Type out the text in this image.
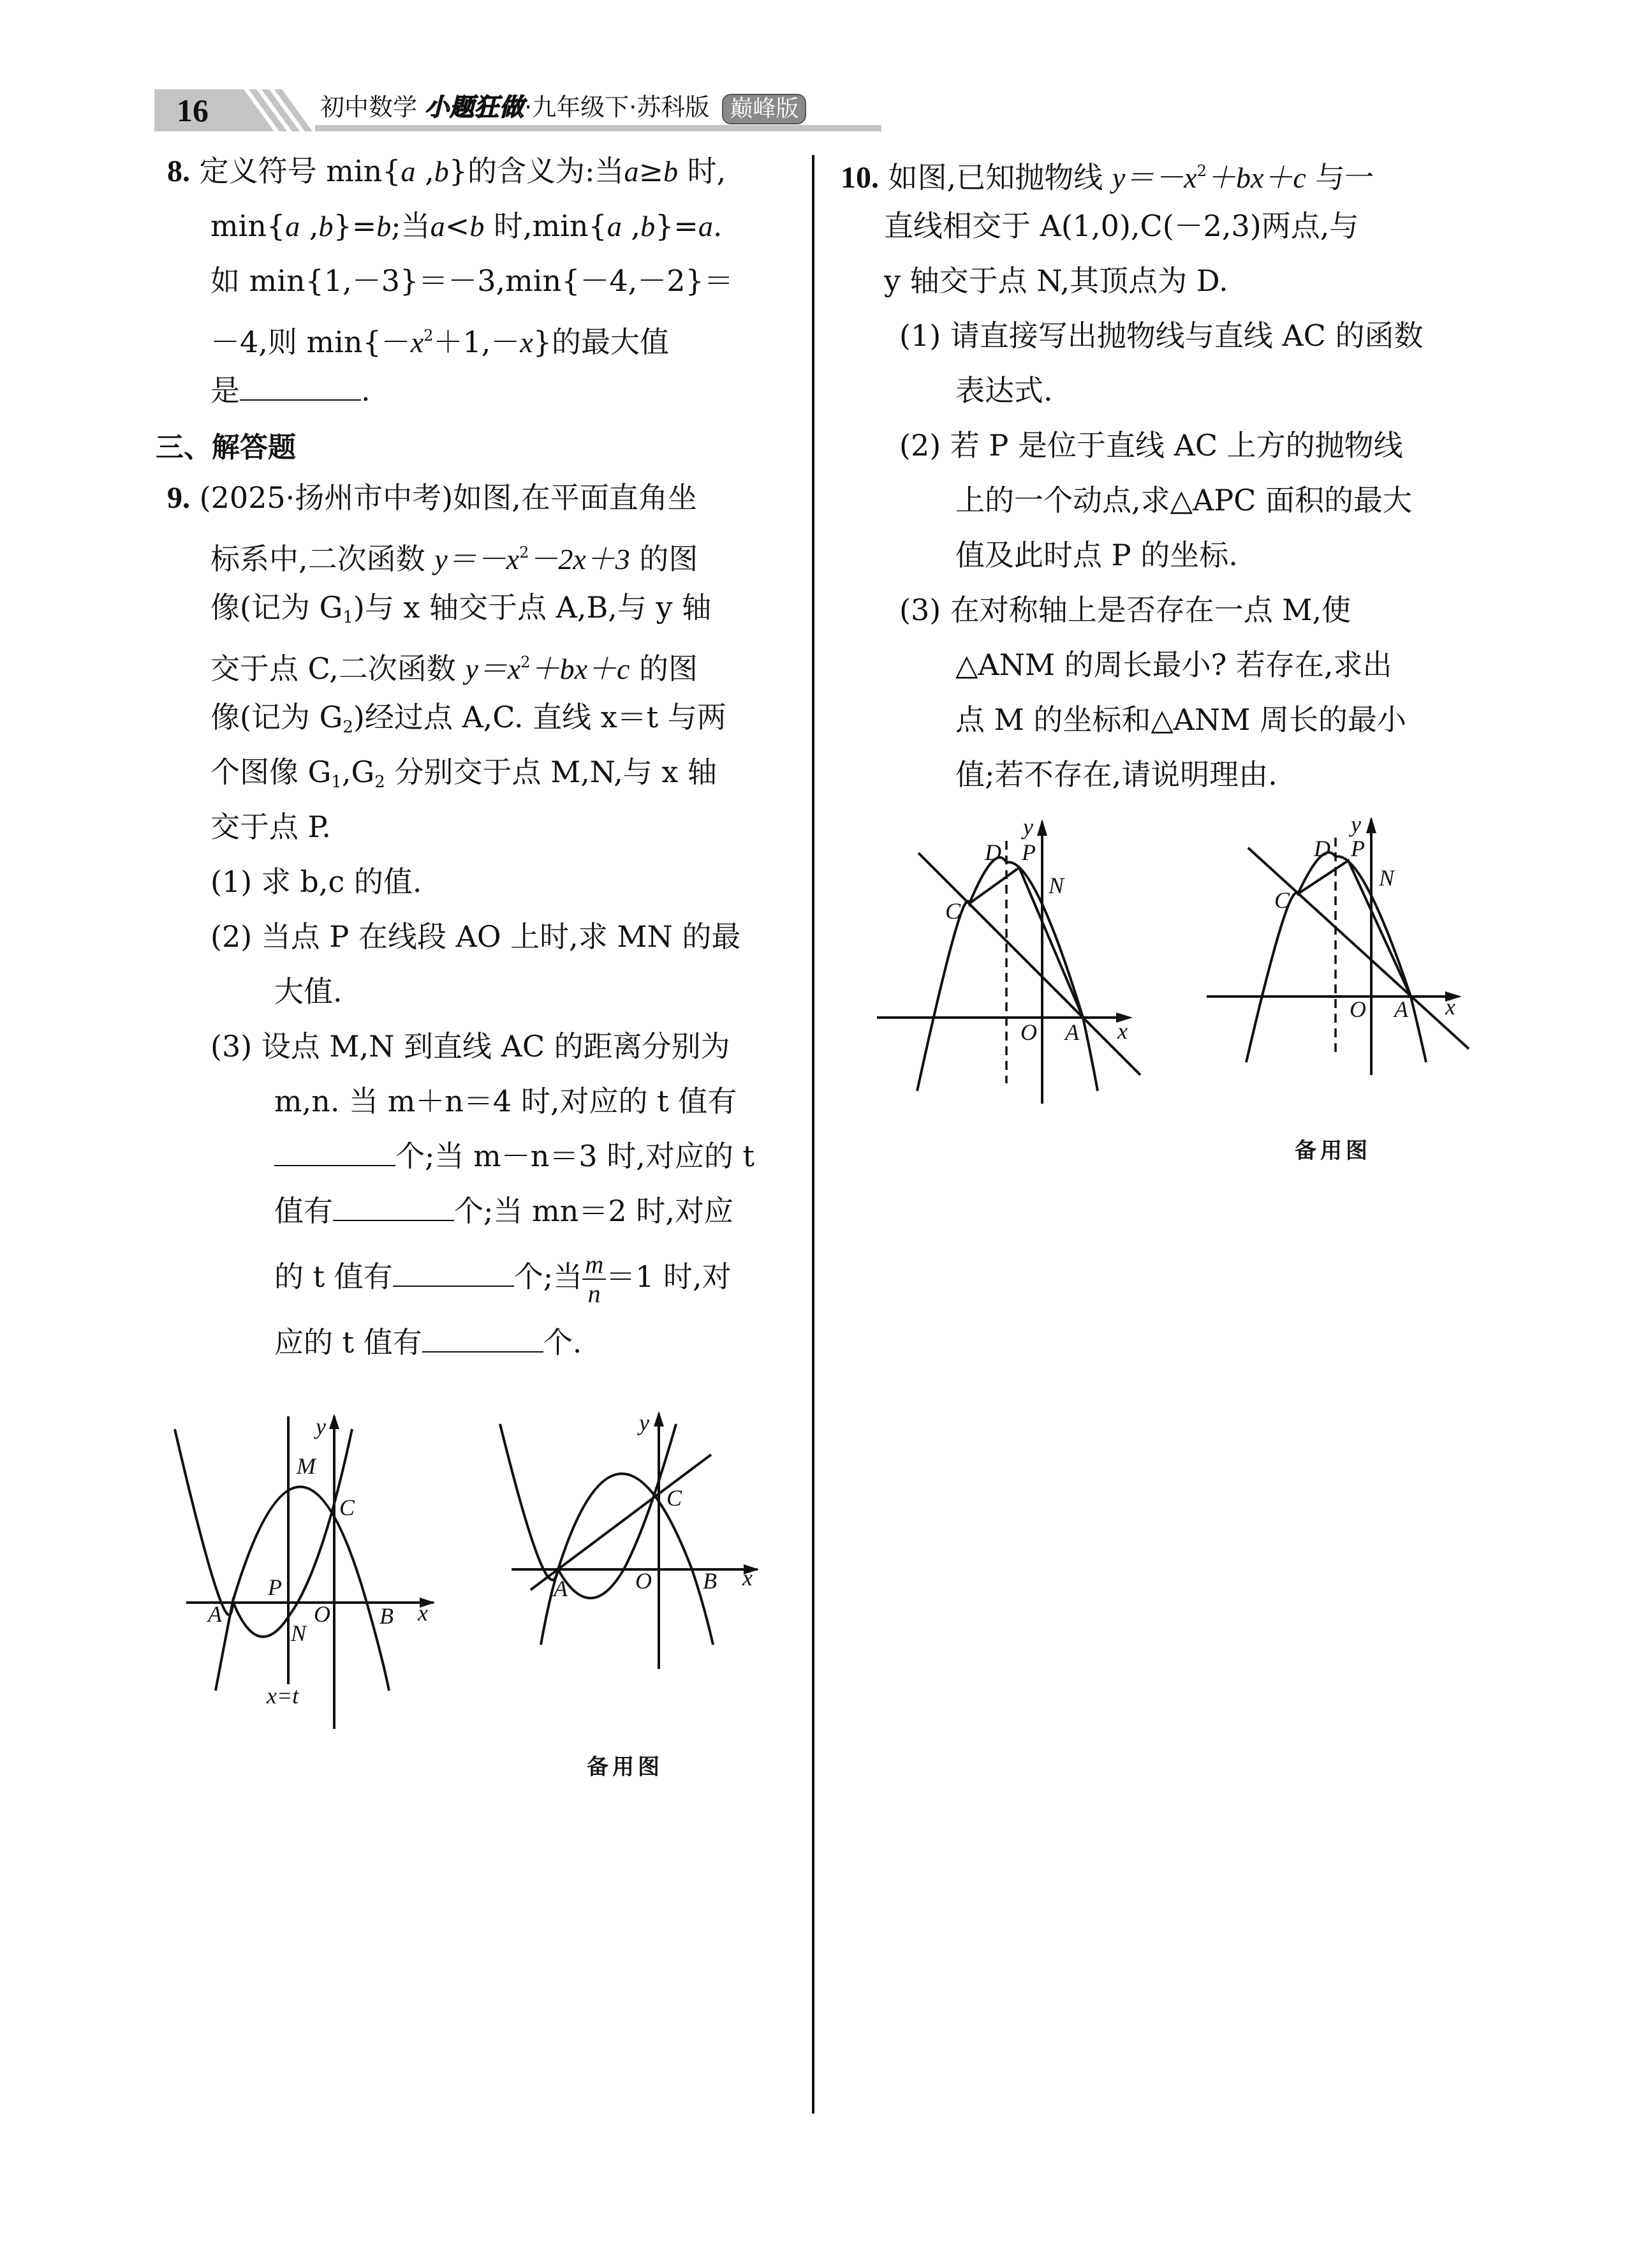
16	初中数学 小题狂做·九年级下·苏科版 巅峰版
8. 定义符号 min{a ,b}的含义为:当a≥b 时,
min{a ,b}=b;当a<b 时,min{a ,b}=a.
如 min{1,－3}＝－3,min{－4,－2}＝
－4,则 $\min\{-x^2+1,-x\}$的最大值
是	.
三、解答题
9. (2025·扬州市中考)如图,在平面直角坐
标系中,二次函数 $y=-x^2-2x+3$ 的图
像(记为 $G_1$)与 x 轴交于点 A,B,与 y 轴
交于点 C,二次函数 $y=x^2+bx+c$ 的图
像(记为 $G_2$)经过点 A,C. 直线 x＝t 与两
个图像 $G_1,G_2$ 分别交于点 M,N,与 x 轴
交于点 P.
(1) 求 b,c 的值.
(2) 当点 P 在线段 AO 上时,求 MN 的最
大值.
(3) 设点 M,N 到直线 AC 的距离分别为
m,n. 当 m＋n＝4 时,对应的 t 值有
个;当 m－n＝3 时,对应的 t
值有	个;当 mn＝2 时,对应
的 t 值有	个;当 $\frac{m}{n} =1$ 时,对
应的 t 值有	个.
y
x
M
C
P
A	O B
N
x=t
y
x
C
A	O B
备用图
10. 如图,已知抛物线 $y=-x^2+bx+c$ 与一
直线相交于 A(1,0),C(－2,3)两点,与
y 轴交于点 N,其顶点为 D.
(1) 请直接写出抛物线与直线 AC 的函数
表达式.
(2) 若 P 是位于直线 AC 上方的抛物线
上的一个动点,求△APC 面积的最大
值及此时点 P 的坐标.
(3) 在对称轴上是否存在一点 M,使
△ANM 的周长最小? 若存在,求出
点 M 的坐标和△ANM 周长的最小
值;若不存在,请说明理由.
y
x
D P
N
C
O A
y
x
D P
N
C
O A
备用图
